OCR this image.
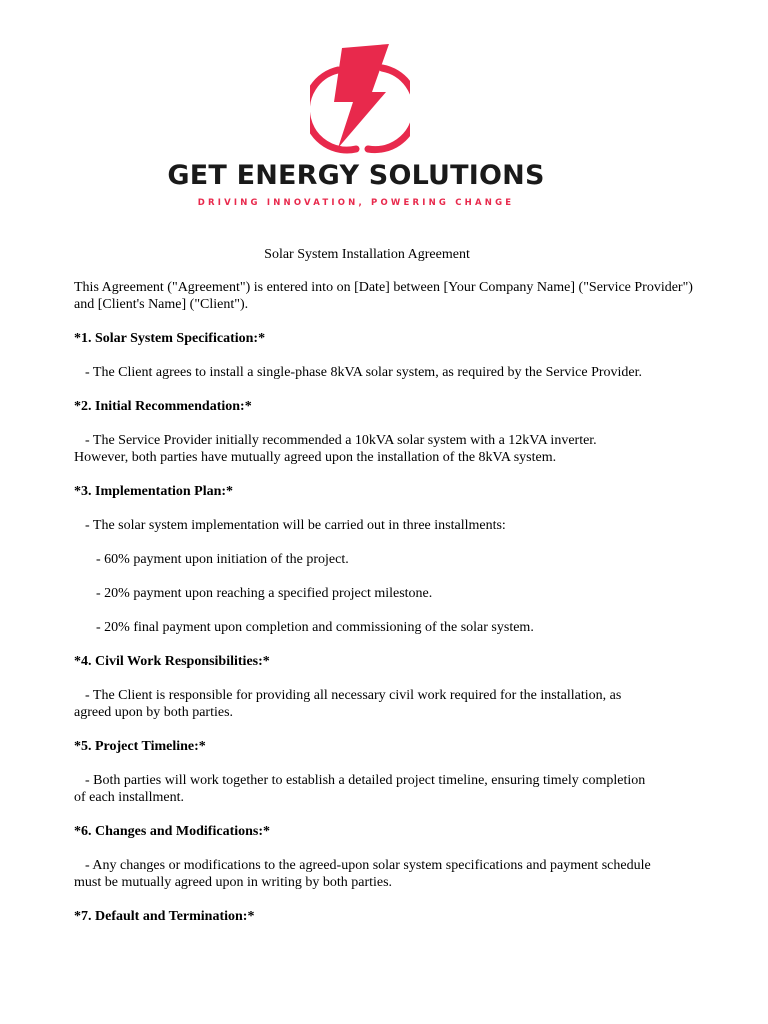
GET ENERGY SOLUTIONS
DRIVING INNOVATION, POWERING CHANGE
Solar System Installation Agreement

This Agreement ("Agreement") is entered into on [Date] between [Your Company Name] ("Service Provider") and [Client's Name] ("Client").

*1. Solar System Specification:*

- The Client agrees to install a single-phase 8kVA solar system, as required by the Service Provider.

*2. Initial Recommendation:*

- The Service Provider initially recommended a 10kVA solar system with a 12kVA inverter.
However, both parties have mutually agreed upon the installation of the 8kVA system.

*3. Implementation Plan:*

- The solar system implementation will be carried out in three installments:

- 60% payment upon initiation of the project.

- 20% payment upon reaching a specified project milestone.

- 20% final payment upon completion and commissioning of the solar system.

*4. Civil Work Responsibilities:*

- The Client is responsible for providing all necessary civil work required for the installation, as
agreed upon by both parties.

*5. Project Timeline:*

- Both parties will work together to establish a detailed project timeline, ensuring timely completion
of each installment.

*6. Changes and Modifications:*

- Any changes or modifications to the agreed-upon solar system specifications and payment schedule
must be mutually agreed upon in writing by both parties.

*7. Default and Termination:*
